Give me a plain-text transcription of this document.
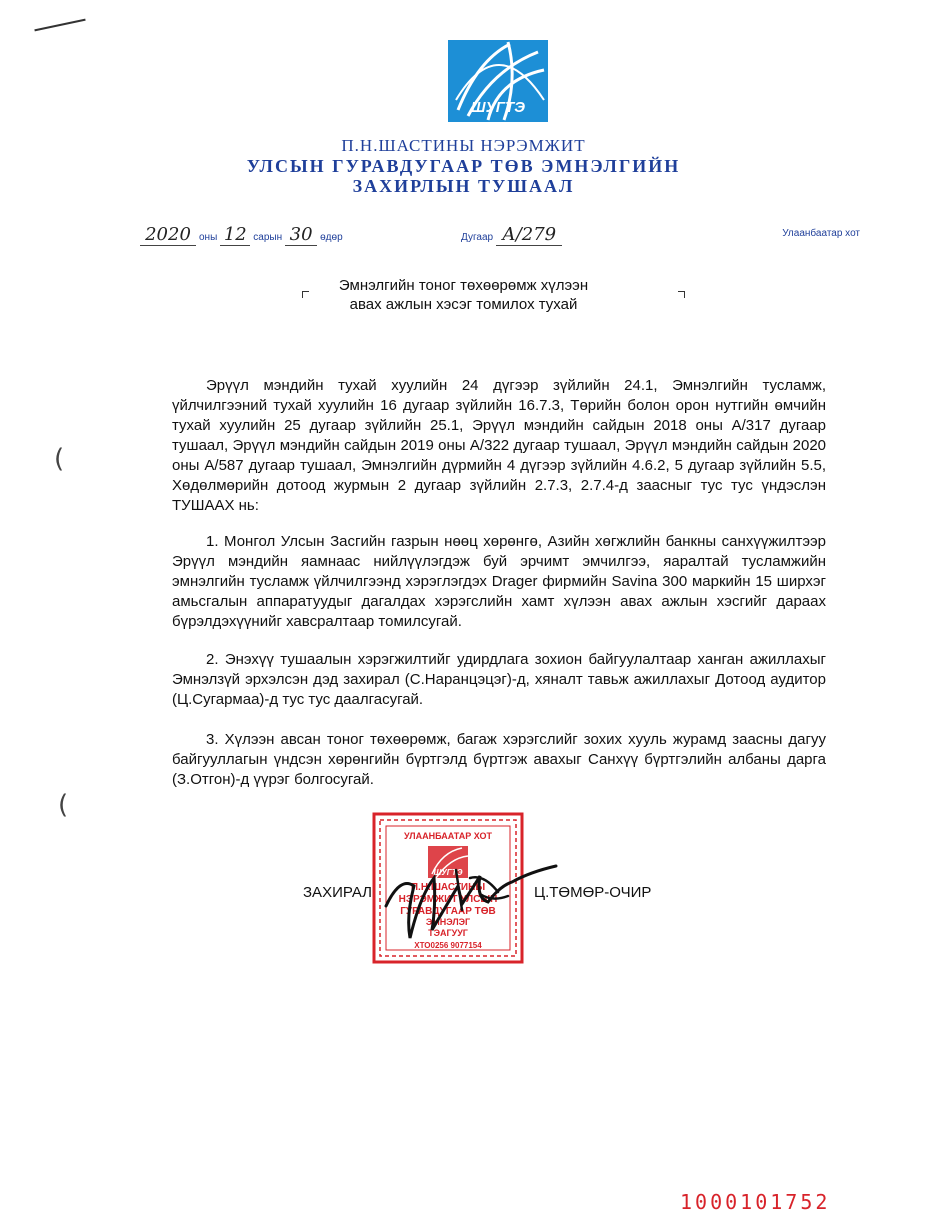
ШУГТЭ
П.Н.ШАСТИНЫ НЭРЭМЖИТ
УЛСЫН ГУРАВДУГААР ТӨВ ЭМНЭЛГИЙН
ЗАХИРЛЫН ТУШААЛ
2020 оны 12 сарын 30 өдөр	Дугаар А/279	Улаанбаатар хот
Эмнэлгийн тоног төхөөрөмж хүлээн
авах ажлын хэсэг томилох тухай
Эрүүл мэндийн тухай хуулийн 24 дүгээр зүйлийн 24.1, Эмнэлгийн тусламж, үйлчилгээний тухай хуулийн 16 дугаар зүйлийн 16.7.3, Төрийн болон орон нутгийн өмчийн тухай хуулийн 25 дугаар зүйлийн 25.1, Эрүүл мэндийн сайдын 2018 оны А/317 дугаар тушаал, Эрүүл мэндийн сайдын 2019 оны А/322 дугаар тушаал, Эрүүл мэндийн сайдын 2020 оны А/587 дугаар тушаал, Эмнэлгийн дүрмийн 4 дүгээр зүйлийн 4.6.2, 5 дугаар зүйлийн 5.5, Хөдөлмөрийн дотоод журмын 2 дугаар зүйлийн 2.7.3, 2.7.4-д заасныг тус тус үндэслэн ТУШААХ нь:
1. Монгол Улсын Засгийн газрын нөөц хөрөнгө, Азийн хөгжлийн банкны санхүүжилтээр Эрүүл мэндийн яамнаас нийлүүлэгдэж буй эрчимт эмчилгээ, яаралтай тусламжийн эмнэлгийн тусламж үйлчилгээнд хэрэглэгдэх Drager фирмийн Savina 300 маркийн 15 ширхэг амьсгалын аппаратуудыг дагалдах хэрэгслийн хамт хүлээн авах ажлын хэсгийг дараах бүрэлдэхүүнийг хавсралтаар томилсугай.
2. Энэхүү тушаалын хэрэгжилтийг удирдлага зохион байгуулалтаар ханган ажиллахыг Эмнэлзүй эрхэлсэн дэд захирал (С.Наранцэцэг)-д, хяналт тавьж ажиллахыг Дотоод аудитор (Ц.Сугармаа)-д тус тус даалгасугай.
3. Хүлээн авсан тоног төхөөрөмж, багаж хэрэгслийг зохих хууль журамд заасны дагуу байгууллагын үндсэн хөрөнгийн бүртгэлд бүртгэж авахыг Санхүү бүртгэлийн албаны дарга (З.Отгон)-д үүрэг болгосугай.
(
(
УЛААНБААТАР ХОТ
ШУГТЭ
П.Н.ШАСТИНЫ
НЭРЭМЖИТ УЛСЫН
ГУРАВДУГААР ТӨВ
ЭМНЭЛЭГ
ТЭАГУУГ
ХТО0256 9077154
ЗАХИРАЛ	Ц.ТӨМӨР-ОЧИР
1000101752
